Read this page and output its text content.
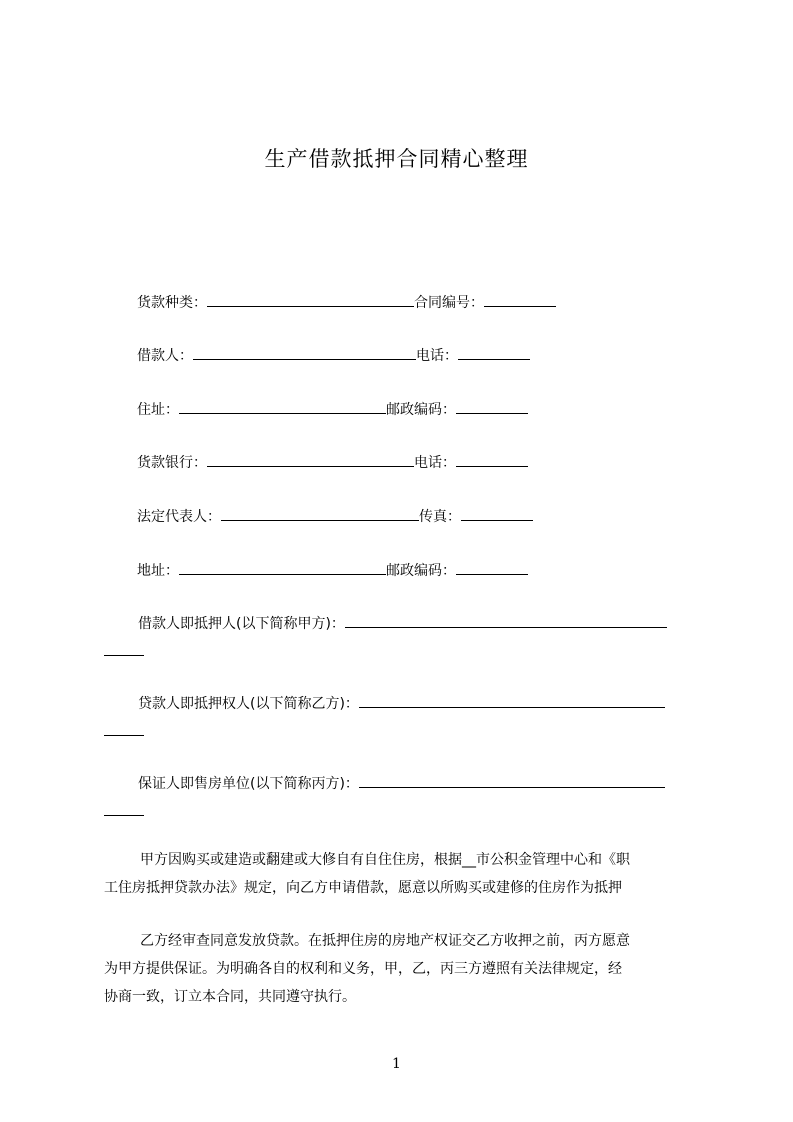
生产借款抵押合同精心整理
货款种类：	合同编号：
借款人：	电话：
住址：	邮政编码：
货款银行：	电话：
法定代表人：	传真：
地址：	邮政编码：
借款人即抵押人(以下简称甲方)：
贷款人即抵押权人(以下简称乙方)：
保证人即售房单位(以下简称丙方)：
甲方因购买或建造或翻建或大修自有自住住房，根据__市公积金管理中心和《职
工住房抵押贷款办法》规定，向乙方申请借款，愿意以所购买或建修的住房作为抵押
乙方经审查同意发放贷款。在抵押住房的房地产权证交乙方收押之前，丙方愿意
为甲方提供保证。为明确各自的权利和义务，甲，乙，丙三方遵照有关法律规定，经
协商一致，订立本合同，共同遵守执行。
1
